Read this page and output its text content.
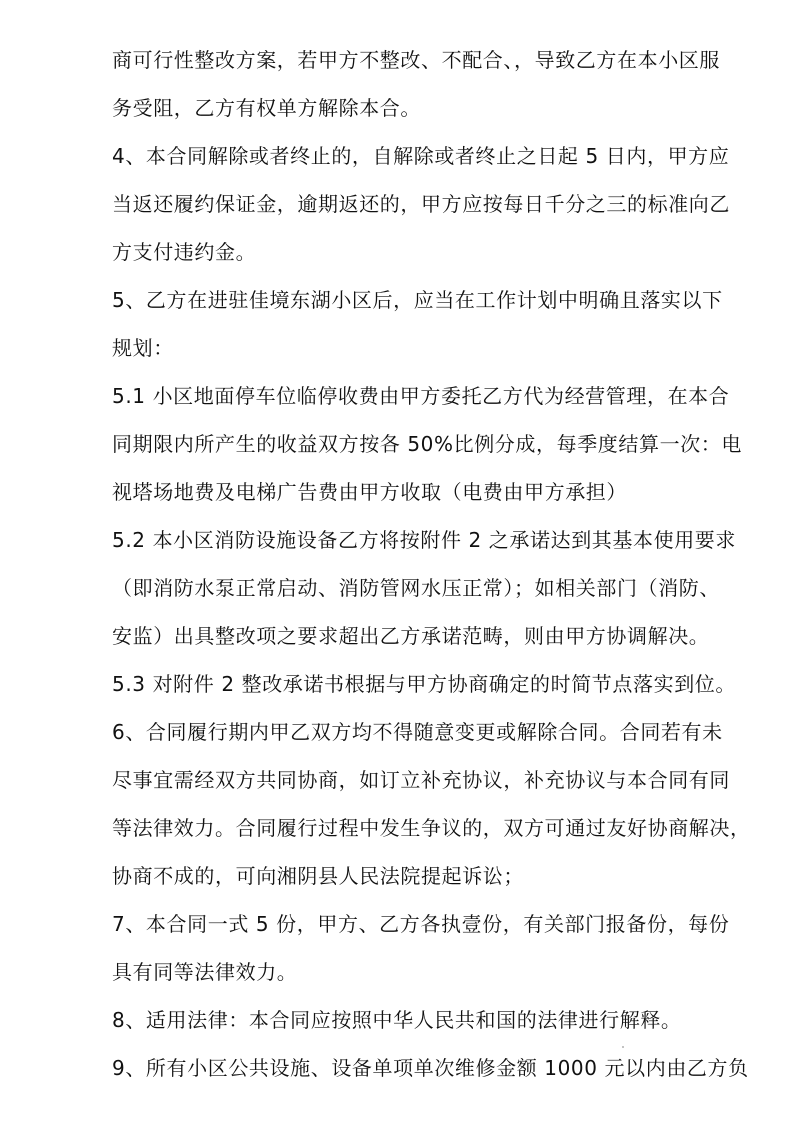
商可行性整改方案，若甲方不整改、不配合、，导致乙方在本小区服
务受阻，乙方有权单方解除本合。
4、本合同解除或者终止的，自解除或者终止之日起 5 日内，甲方应
当返还履约保证金，逾期返还的，甲方应按每日千分之三的标准向乙
方支付违约金。
5、乙方在进驻佳境东湖小区后，应当在工作计划中明确且落实以下
规划：
5.1 小区地面停车位临停收费由甲方委托乙方代为经营管理，在本合
同期限内所产生的收益双方按各 50%比例分成，每季度结算一次：电
视塔场地费及电梯广告费由甲方收取（电费由甲方承担）
5.2 本小区消防设施设备乙方将按附件 2 之承诺达到其基本使用要求
（即消防水泵正常启动、消防管网水压正常）；如相关部门（消防、
安监）出具整改项之要求超出乙方承诺范畴，则由甲方协调解决。
5.3 对附件 2 整改承诺书根据与甲方协商确定的时简节点落实到位。
6、合同履行期内甲乙双方均不得随意变更或解除合同。合同若有未
尽事宜需经双方共同协商，如订立补充协议，补充协议与本合同有同
等法律效力。合同履行过程中发生争议的，双方可通过友好协商解决，
协商不成的，可向湘阴县人民法院提起诉讼；
7、本合同一式 5 份，甲方、乙方各执壹份，有关部门报备份，每份
具有同等法律效力。
8、适用法律：本合同应按照中华人民共和国的法律进行解释。
9、所有小区公共设施、设备单项单次维修金额 1000 元以内由乙方负
